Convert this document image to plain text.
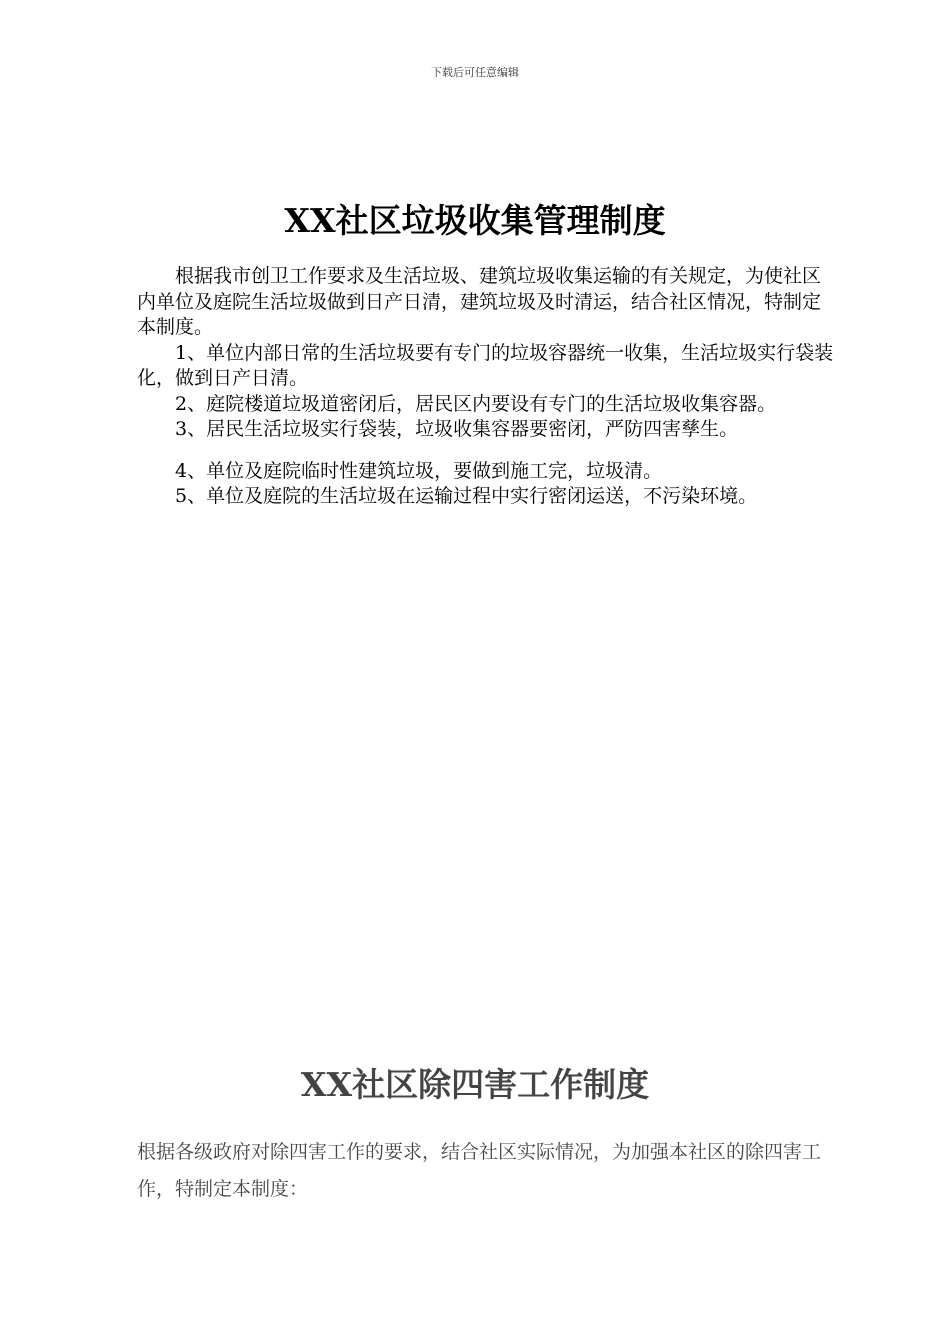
下载后可任意编辑
XX社区垃圾收集管理制度

根据我市创卫工作要求及生活垃圾、建筑垃圾收集运输的有关规定，为使社区内单位及庭院生活垃圾做到日产日清，建筑垃圾及时清运，结合社区情况，特制定本制度。

1、单位内部日常的生活垃圾要有专门的垃圾容器统一收集，生活垃圾实行袋装化，做到日产日清。

2、庭院楼道垃圾道密闭后，居民区内要设有专门的生活垃圾收集容器。

3、居民生活垃圾实行袋装，垃圾收集容器要密闭，严防四害孳生。

4、单位及庭院临时性建筑垃圾，要做到施工完，垃圾清。

5、单位及庭院的生活垃圾在运输过程中实行密闭运送，不污染环境。

XX社区除四害工作制度

根据各级政府对除四害工作的要求，结合社区实际情况，为加强本社区的除四害工作，特制定本制度：
